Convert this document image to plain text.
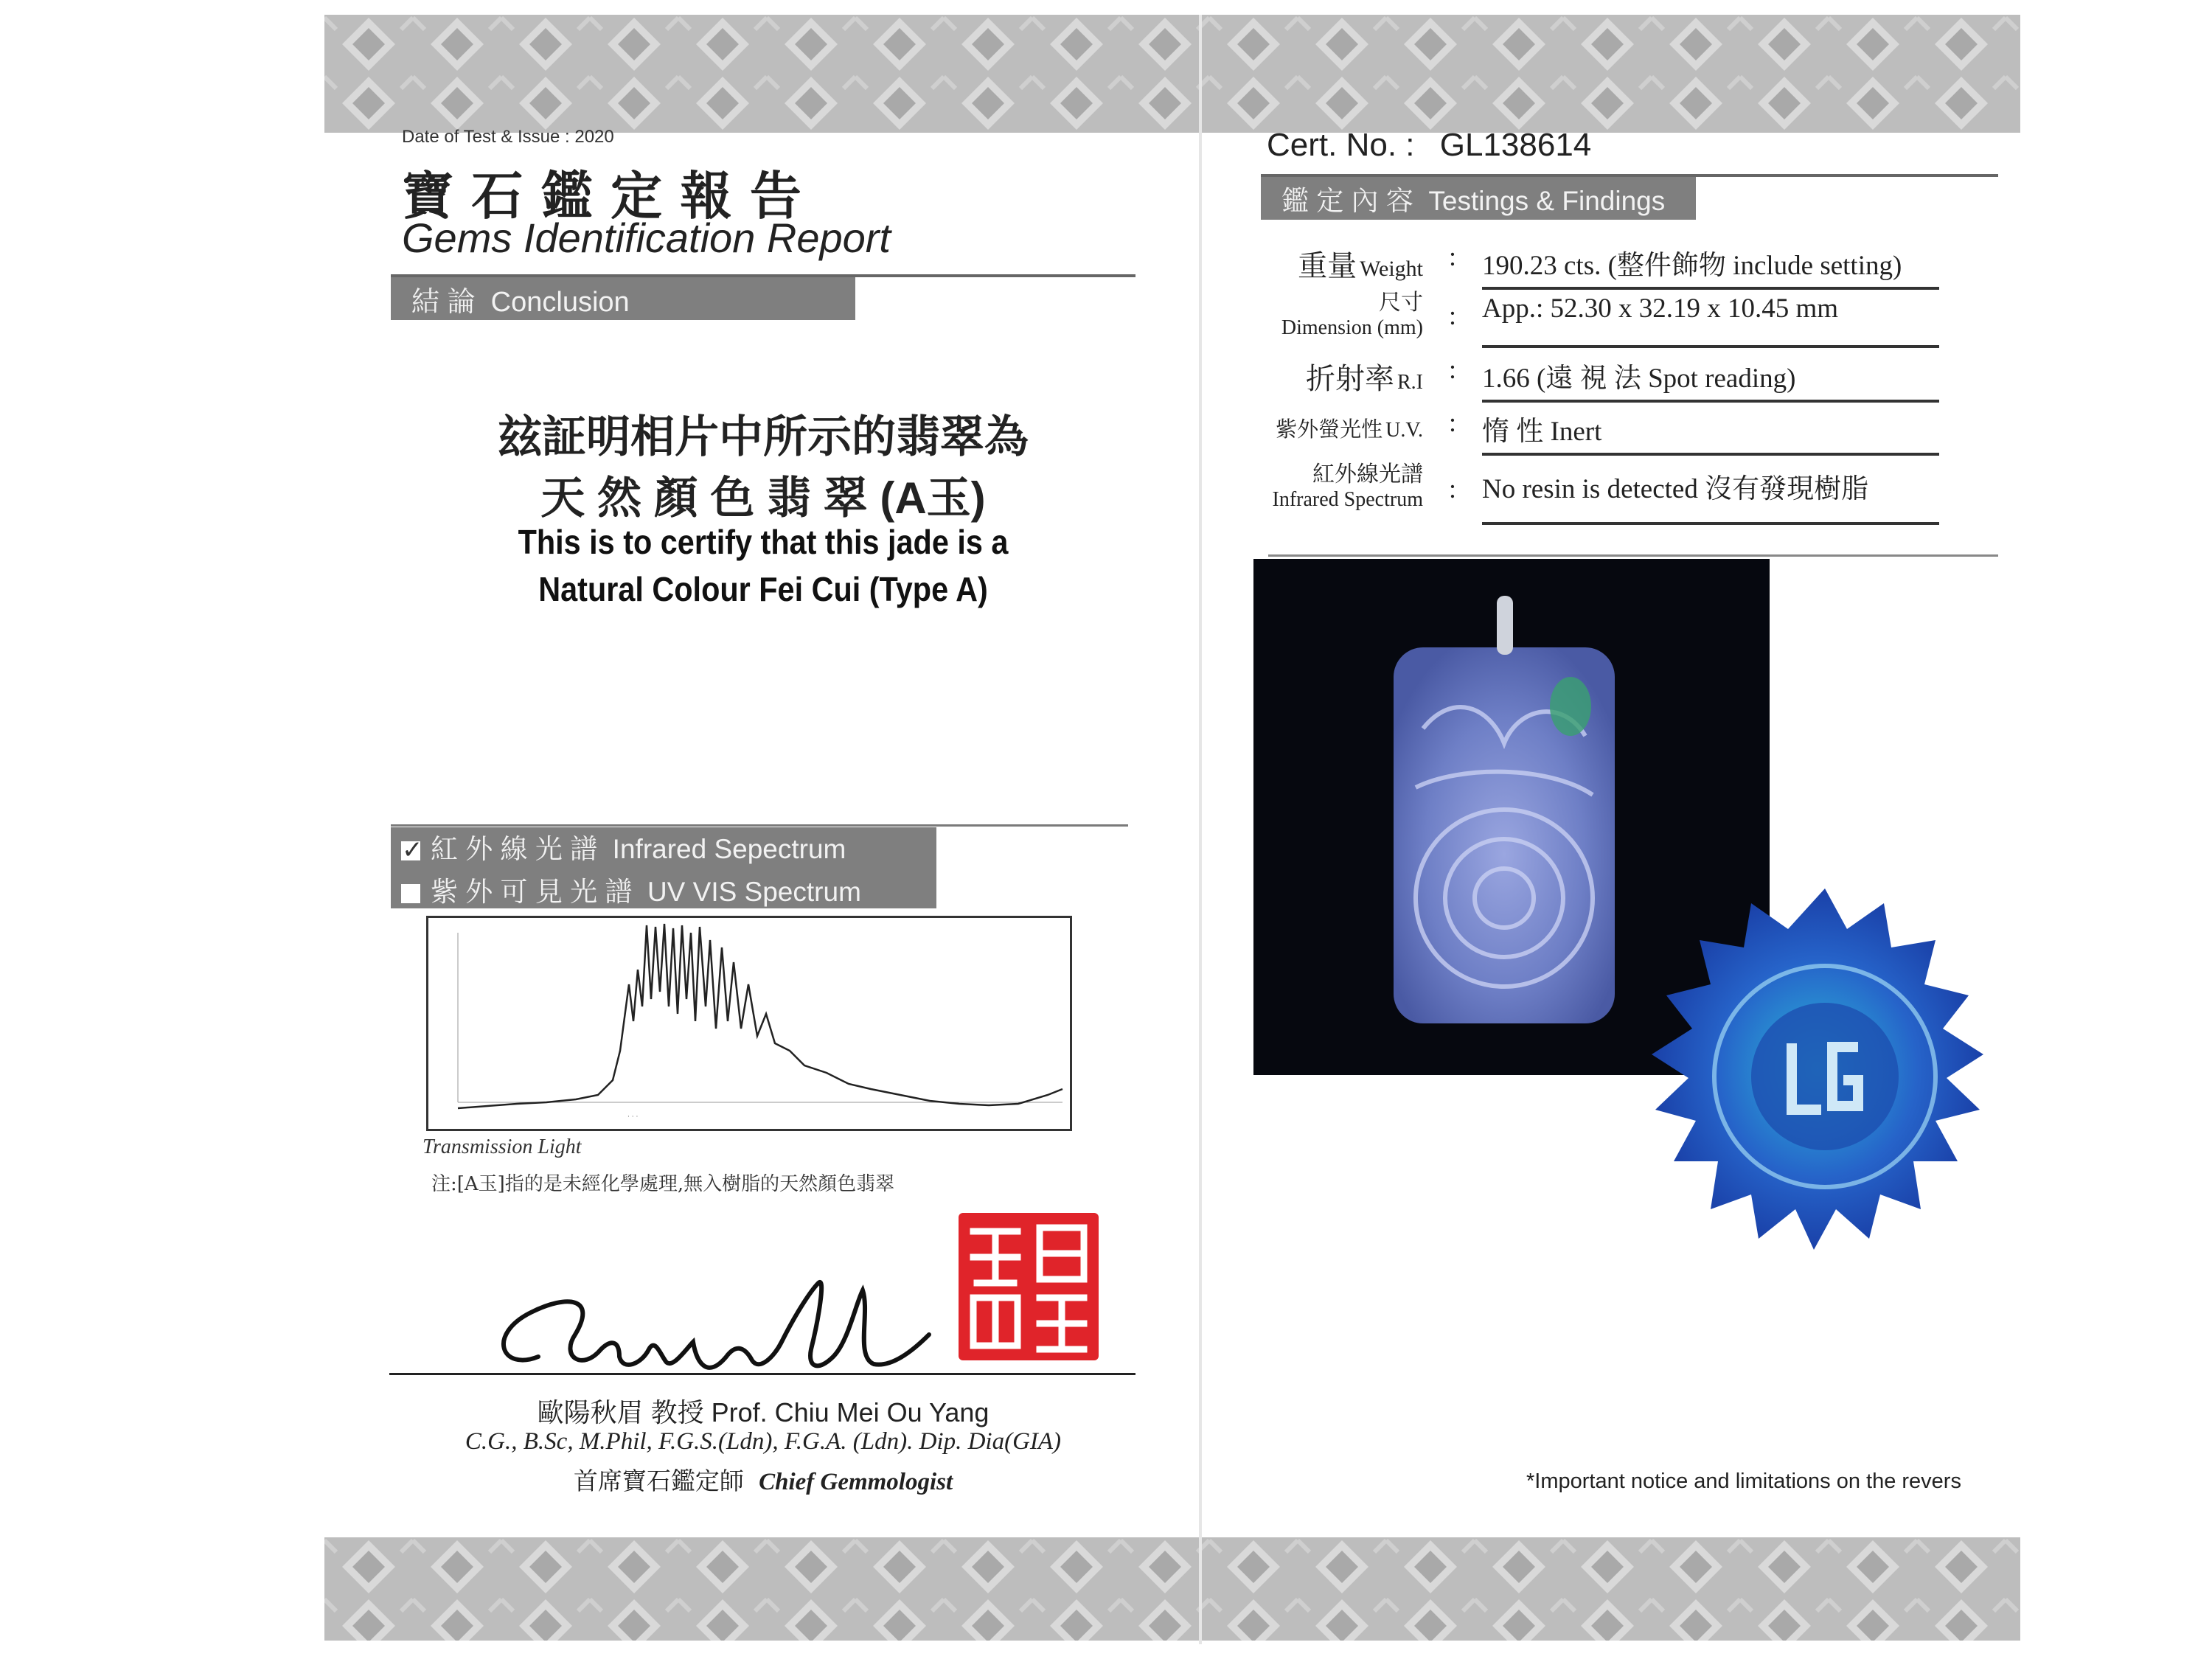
Date of Test & Issue : 2020
寶 石 鑑 定 報 告
Gems Identification Report
結 論  Conclusion
玆証明相片中所示的翡翠為
天 然 顏 色 翡 翠 (A玉)
This is to certify that this jade is a
Natural Colour Fei Cui (Type A)
✓紅 外 線 光 譜  Infrared Sepectrum
紫 外 可 見 光 譜  UV VIS Spectrum
· · ·
Transmission Light
注:[A玉]指的是未經化學處理,無入樹脂的天然顏色翡翠
歐陽秋眉 教授 Prof. Chiu Mei Ou Yang
C.G., B.Sc, M.Phil, F.G.S.(Ldn), F.G.A. (Ldn). Dip. Dia(GIA)
首席寶石鑑定師 Chief Gemmologist
Cert. No. : GL138614
鑑 定 內 容  Testings & Findings
重量 Weight : 190.23 cts. (整件飾物 include setting)
尺寸
Dimension (mm) : App.: 52.30 x 32.19 x 10.45 mm
折射率 R.I : 1.66 (遠 視 法 Spot reading)
紫外螢光性 U.V. : 惰 性 Inert
紅外線光譜
Infrared Spectrum : No resin is detected 沒有發現樹脂
*Important notice and limitations on the revers
